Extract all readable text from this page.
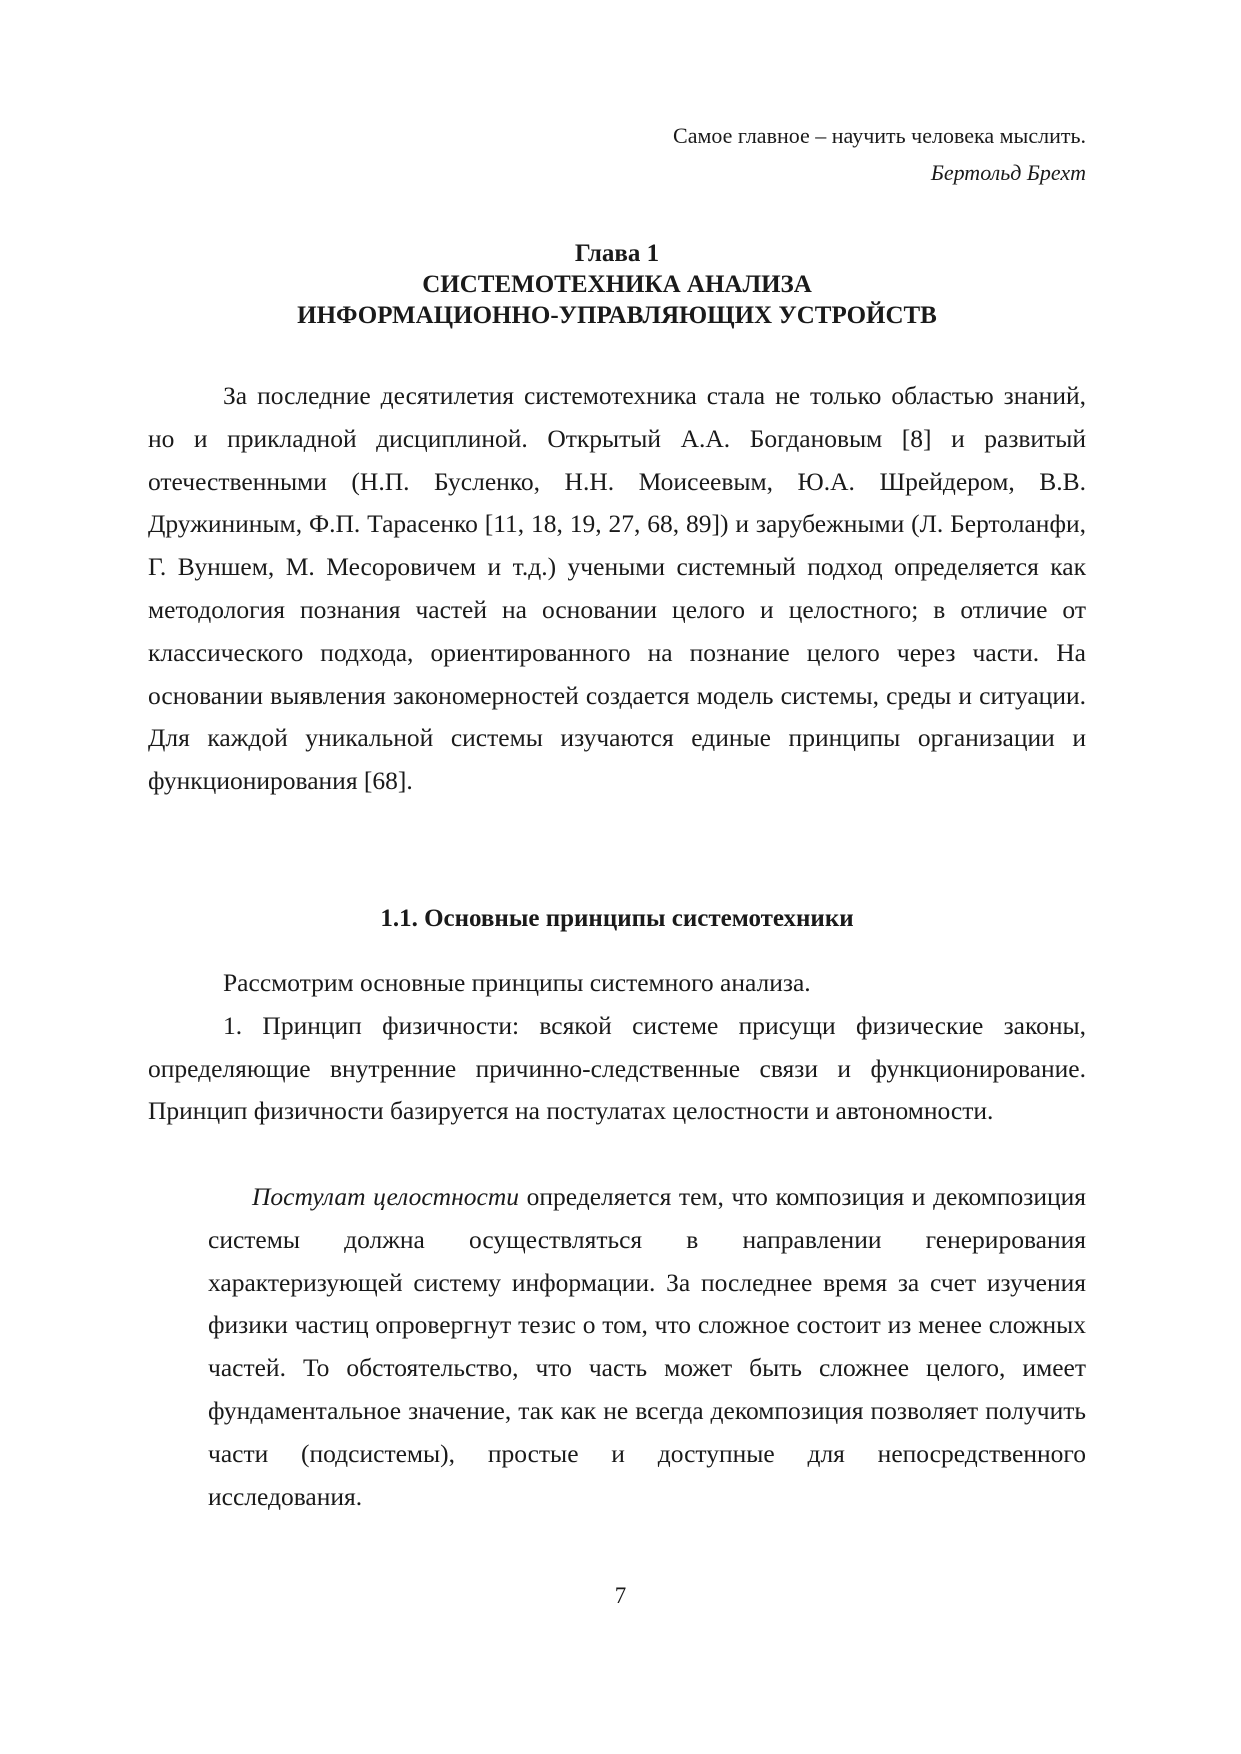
Самое главное – научить человека мыслить.
Бертольд Брехт
Глава 1
СИСТЕМОТЕХНИКА АНАЛИЗА
ИНФОРМАЦИОННО-УПРАВЛЯЮЩИХ УСТРОЙСТВ

За последние десятилетия системотехника стала не только областью знаний, но и прикладной дисциплиной. Открытый А.А. Богдановым [8] и развитый отечественными (Н.П. Бусленко, Н.Н. Моисеевым, Ю.А. Шрейдером, В.В. Дружининым, Ф.П. Тарасенко [11, 18, 19, 27, 68, 89]) и зарубежными (Л. Бертоланфи, Г. Вуншем, М. Месоровичем и т.д.) учеными системный подход определяется как методология познания частей на основании целого и целостного; в отличие от классического подхода, ориентированного на познание целого через части. На основании выявления закономерностей создается модель системы, среды и ситуации. Для каждой уникальной системы изучаются единые принципы организации и функционирования [68].

1.1. Основные принципы системотехники

Рассмотрим основные принципы системного анализа.

1. Принцип физичности: всякой системе присущи физические законы, определяющие внутренние причинно-следственные связи и функционирование. Принцип физичности базируется на постулатах целостности и автономности.

Постулат целостности определяется тем, что композиция и декомпозиция системы должна осуществляться в направлении генерирования характеризующей систему информации. За последнее время за счет изучения физики частиц опровергнут тезис о том, что сложное состоит из менее сложных частей. То обстоятельство, что часть может быть сложнее целого, имеет фундаментальное значение, так как не всегда декомпозиция позволяет получить части (подсистемы), простые и доступные для непосредственного исследования.

7
